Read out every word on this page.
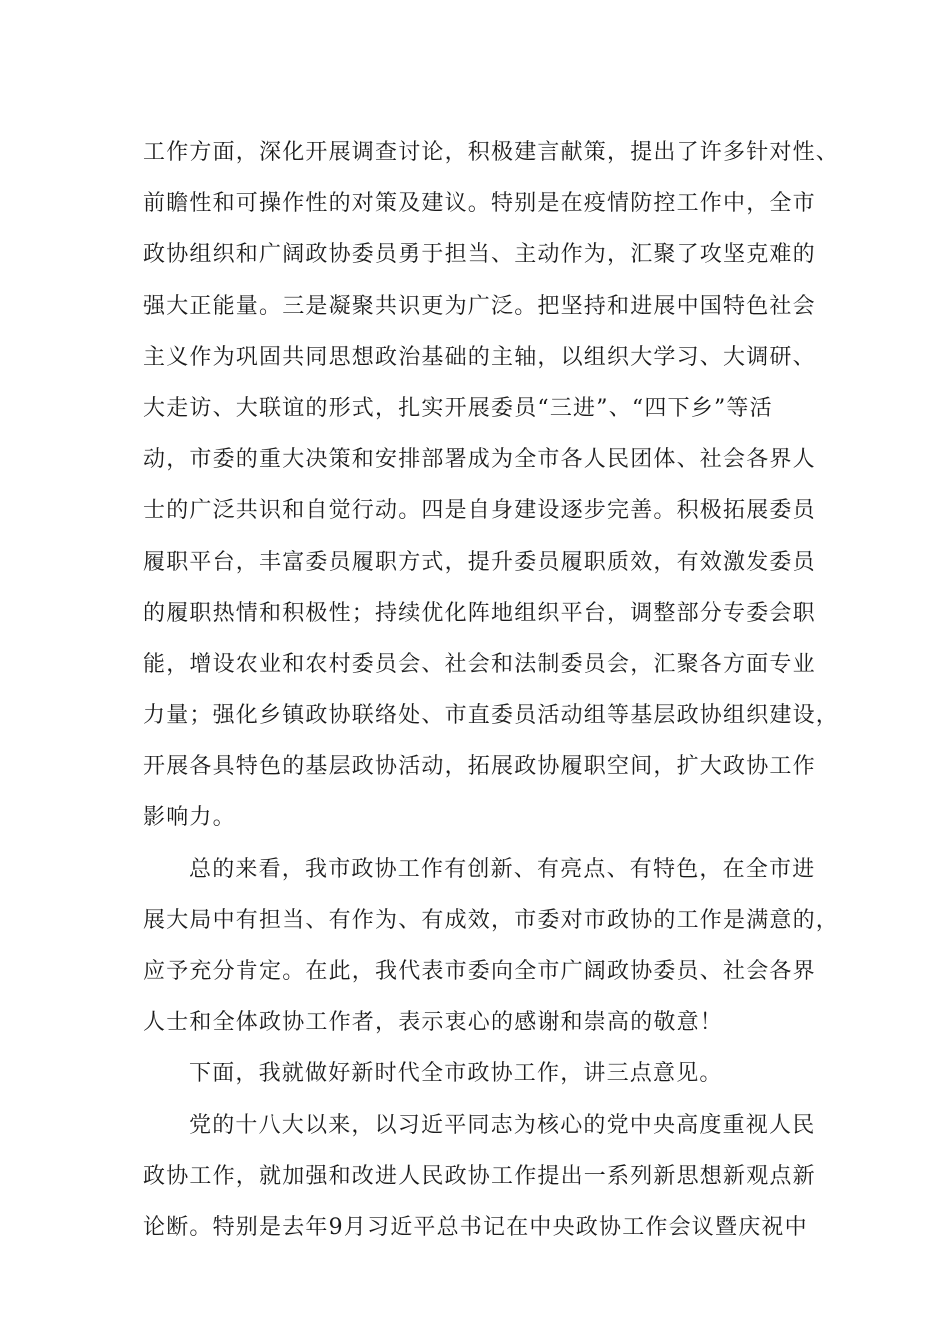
工作方面，深化开展调查讨论，积极建言献策，提出了许多针对性、
前瞻性和可操作性的对策及建议。特别是在疫情防控工作中，全市
政协组织和广阔政协委员勇于担当、主动作为，汇聚了攻坚克难的
强大正能量。三是凝聚共识更为广泛。把坚持和进展中国特色社会
主义作为巩固共同思想政治基础的主轴，以组织大学习、大调研、
大走访、大联谊的形式，扎实开展委员“三进”、“四下乡”等活
动，市委的重大决策和安排部署成为全市各人民团体、社会各界人
士的广泛共识和自觉行动。四是自身建设逐步完善。积极拓展委员
履职平台，丰富委员履职方式，提升委员履职质效，有效激发委员
的履职热情和积极性；持续优化阵地组织平台，调整部分专委会职
能，增设农业和农村委员会、社会和法制委员会，汇聚各方面专业
力量；强化乡镇政协联络处、市直委员活动组等基层政协组织建设，
开展各具特色的基层政协活动，拓展政协履职空间，扩大政协工作
影响力。
总的来看，我市政协工作有创新、有亮点、有特色，在全市进
展大局中有担当、有作为、有成效，市委对市政协的工作是满意的，
应予充分肯定。在此，我代表市委向全市广阔政协委员、社会各界
人士和全体政协工作者，表示衷心的感谢和崇高的敬意！
下面，我就做好新时代全市政协工作，讲三点意见。
党的十八大以来，以习近平同志为核心的党中央高度重视人民
政协工作，就加强和改进人民政协工作提出一系列新思想新观点新
论断。特别是去年9月习近平总书记在中央政协工作会议暨庆祝中
